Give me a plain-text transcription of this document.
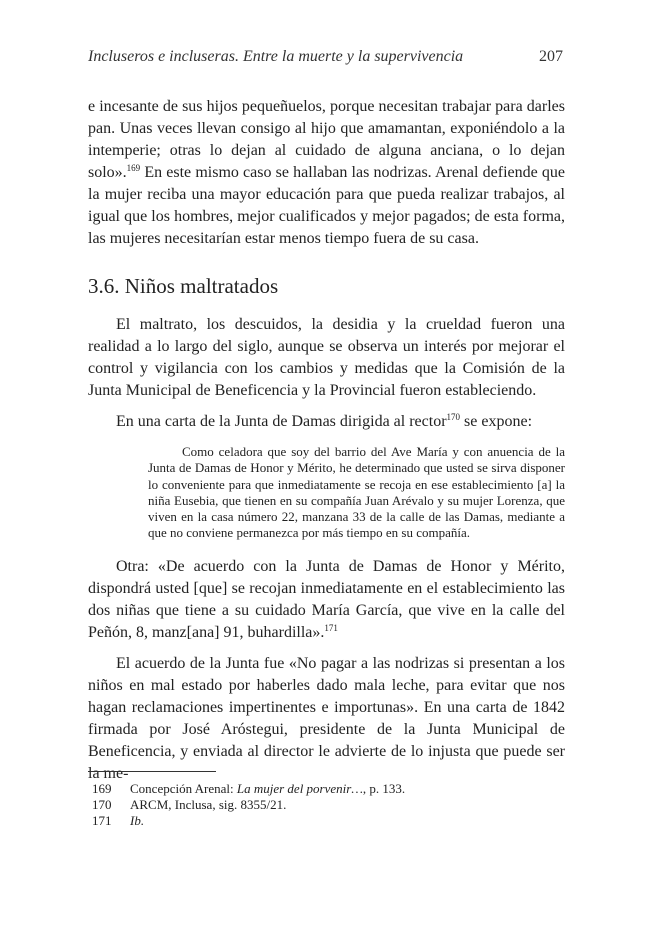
Incluseros e incluseras. Entre la muerte y la supervivencia	207

e incesante de sus hijos pequeñuelos, porque necesitan trabajar para darles pan. Unas veces llevan consigo al hijo que amamantan, exponiéndolo a la intemperie; otras lo dejan al cuidado de alguna anciana, o lo dejan solo».$^{169}$ En este mismo caso se hallaban las nodrizas. Arenal defiende que la mujer reciba una mayor educación para que pueda realizar trabajos, al igual que los hombres, mejor cualificados y mejor pagados; de esta forma, las mujeres necesitarían estar menos tiempo fuera de su casa.

3.6. Niños maltratados

El maltrato, los descuidos, la desidia y la crueldad fueron una realidad a lo largo del siglo, aunque se observa un interés por mejorar el control y vigilancia con los cambios y medidas que la Comisión de la Junta Municipal de Beneficencia y la Provincial fueron estableciendo.

En una carta de la Junta de Damas dirigida al rector$^{170}$ se expone:

Como celadora que soy del barrio del Ave María y con anuencia de la Junta de Damas de Honor y Mérito, he determinado que usted se sirva disponer lo conveniente para que inmediatamente se recoja en ese establecimiento [a] la niña Eusebia, que tienen en su compañía Juan Arévalo y su mujer Lorenza, que viven en la casa número 22, manzana 33 de la calle de las Damas, mediante a que no conviene permanezca por más tiempo en su compañía.

Otra: «De acuerdo con la Junta de Damas de Honor y Mérito, dispondrá usted [que] se recojan inmediatamente en el establecimiento las dos niñas que tiene a su cuidado María García, que vive en la calle del Peñón, 8, manz[ana] 91, buhardilla».$^{171}$

El acuerdo de la Junta fue «No pagar a las nodrizas si presentan a los niños en mal estado por haberles dado mala leche, para evitar que nos hagan reclamaciones impertinentes e importunas». En una carta de 1842 firmada por José Aróstegui, presidente de la Junta Municipal de Beneficencia, y enviada al director le advierte de lo injusta que puede ser la me-

169	Concepción Arenal: La mujer del porvenir…, p. 133.
170	ARCM, Inclusa, sig. 8355/21.
171	Ib.
